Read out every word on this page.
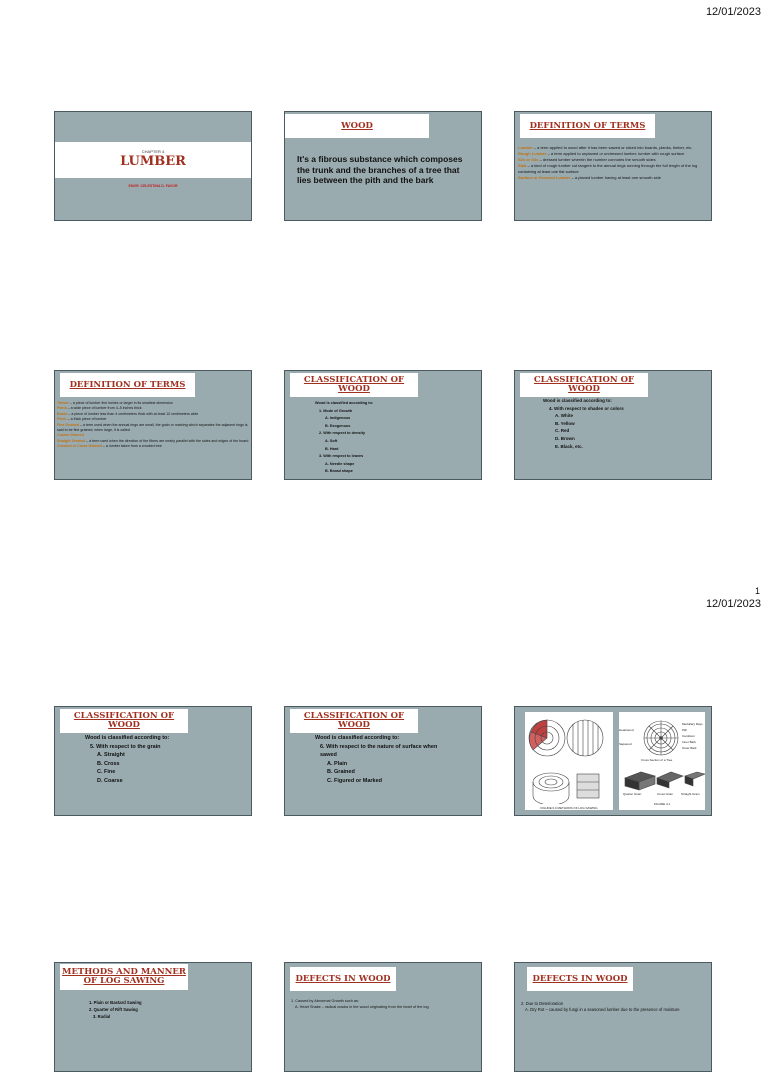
12/01/2023
CHAPTER 4
LUMBER
ENGR. CELESTINA D. FAVOR
WOOD
It's a fibrous substance which composes the trunk and the branches of a tree that lies between the pith and the bark
DEFINITION OF TERMS
Lumber – a term applied to wood after it has been sawed or sliced into boards, planks, timber, etc.
Rough Lumber – a term applied to unplaned or undressed lumber; lumber with rough surface
S2s or S4s – dressed lumber wherein the number connotes the smooth sides
Slab – a kind of rough lumber cut tangent to the annual rings running through the full length of the log containing at least one flat surface
Surface or Dressed Lumber – a planed lumber having at least one smooth side
DEFINITION OF TERMS
Timber – a piece of lumber five inches or larger in its smallest dimension
Plank – a wide piece of lumber from 4–5 inches thick
Board – a piece of lumber less than 4 centimeters thick with at least 10 centimeters wide
Flitch – a thick piece of lumber
Fine Grained – a term used when the annual rings are small, the grain or marking which separates the adjacent rings is said to be fine grained; when large, it is called
Coarse Grained
Straight Grained – a term used when the direction of the fibers are nearly parallel with the sides and edges of the board
Crooked or Cross Grained – a lumber taken from a crooked tree
CLASSIFICATION OF WOOD
Wood is classified according to:
1. Mode of Growth
A. Indigenous
B. Exogenous
2. With respect to density
A. Soft
B. Hard
3. With respect to leaves
A. Needle shape
B. Broad shape
CLASSIFICATION OF WOOD
Wood is classified according to:
4. With respect to shades or colors
A. White
B. Yellow
C. Red
D. Brown
E. Black, etc.
1
12/01/2023
CLASSIFICATION OF WOOD
Wood is classified according to:
5. With respect to the grain
A. Straight
B. Cross
C. Fine
D. Coarse
CLASSIFICATION OF WOOD
Wood is classified according to:
6. With respect to the nature of surface when sawed
A. Plain
B. Grained
C. Figured or Marked
FIGURE 0.0 METHODS OF LOG SAWING
Heartwood
Medullary Rays
Pith
Cambium
Inner Bark
Outer Bark
Sapwood
Cross Section of a Tree
Quarter Grain	Cross Grain	Straight Grain
FIGURE 4.1
METHODS AND MANNER OF LOG SAWING
1. Plain or Bastard Sawing
2. Quarter of Rift Sawing
3. Radial
DEFECTS IN WOOD
1. Caused by Abnormal Growth such as:
A. Heart Shake – radical cracks in the wood originating from the heart of the log
DEFECTS IN WOOD
2. Due to Deterioration
A. Dry Rot – caused by fungi in a seasoned lumber due to the presence of moisture
